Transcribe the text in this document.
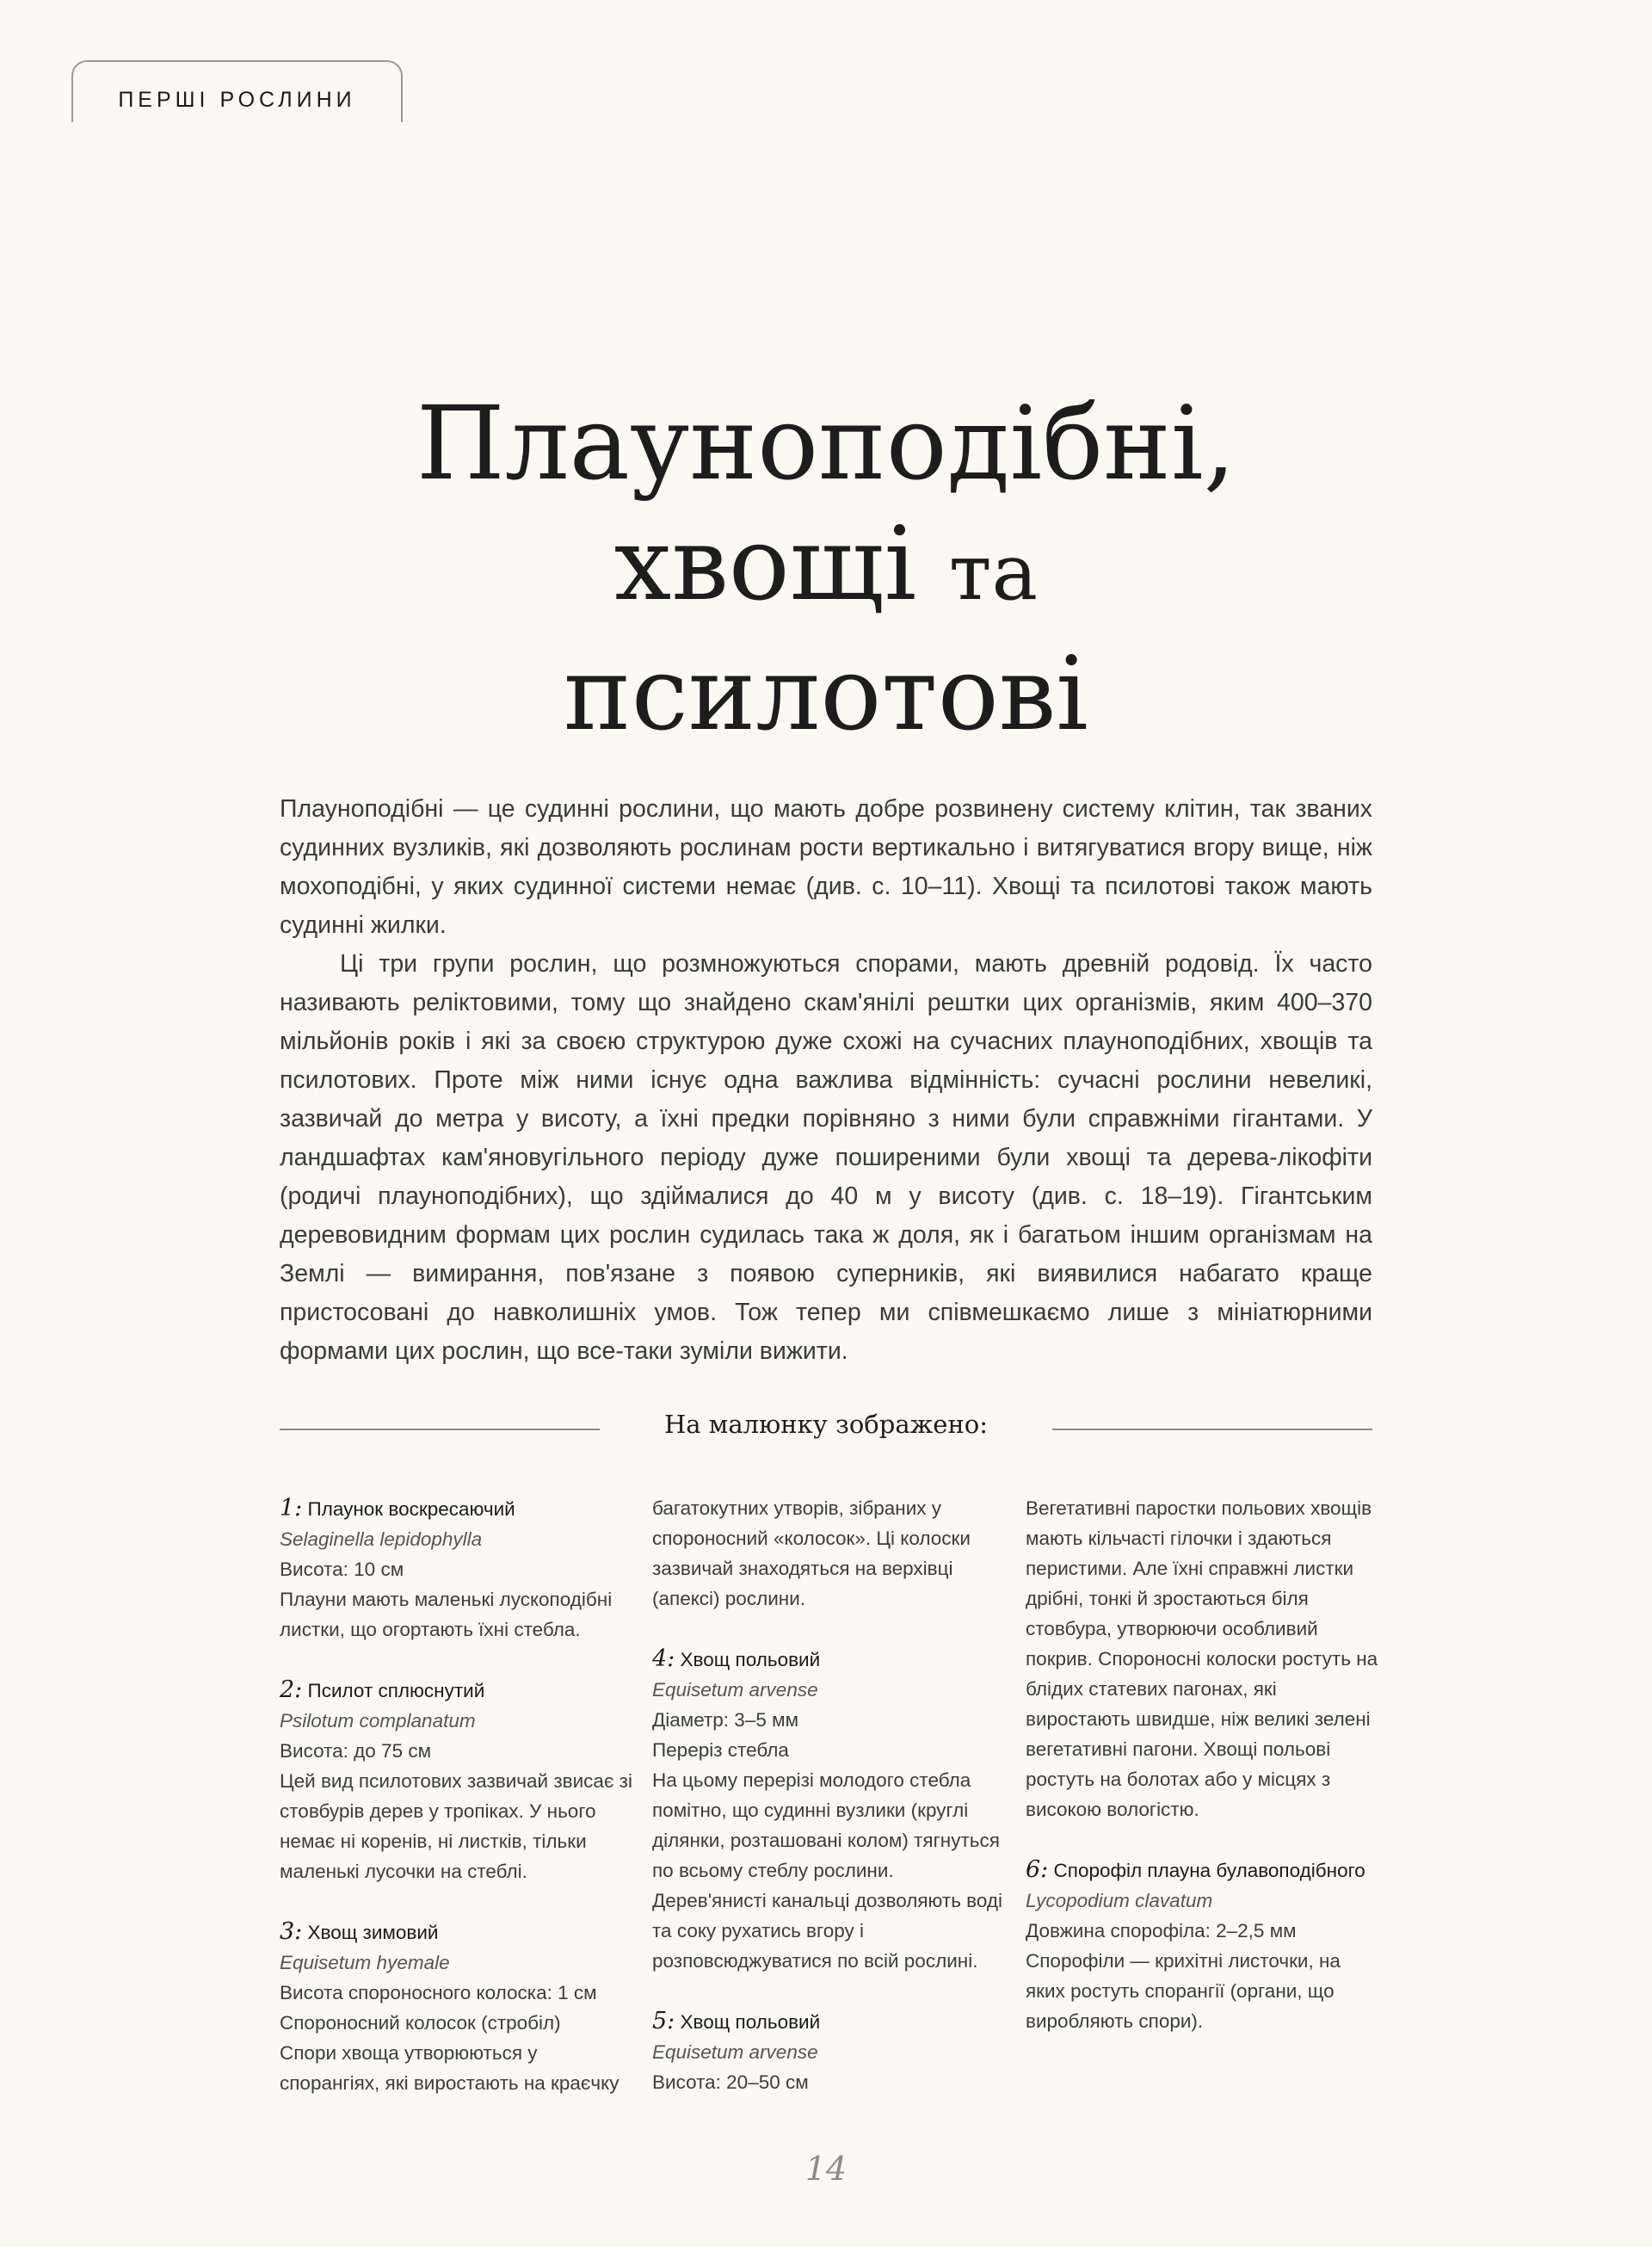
ПЕРШІ РОСЛИНИ
Плауноподібні,
хвощі та
псилотові

Плауноподібні — це судинні рослини, що мають добре розвинену систему клітин, так званих судинних вузликів, які дозволяють рослинам рости вертикально і витягуватися вгору вище, ніж мохоподібні, у яких судинної системи немає (див. с. 10–11). Хвощі та псилотові також мають судинні жилки.

Ці три групи рослин, що розмножуються спорами, мають древній родовід. Їх часто називають реліктовими, тому що знайдено скам'янілі рештки цих організмів, яким 400–370 мільйонів років і які за своєю структурою дуже схожі на сучасних плауноподібних, хвощів та псилотових. Проте між ними існує одна важлива відмінність: сучасні рослини невеликі, зазвичай до метра у висоту, а їхні предки порівняно з ними були справжніми гігантами. У ландшафтах кам'яновугільного періоду дуже поширеними були хвощі та дерева-лікофіти (родичі плауноподібних), що здіймалися до 40 м у висоту (див. с. 18–19). Гігантським деревовидним формам цих рослин судилась така ж доля, як і багатьом іншим організмам на Землі — вимирання, пов'язане з появою суперників, які виявилися набагато краще пристосовані до навколишніх умов. Тож тепер ми співмешкаємо лише з мініатюрними формами цих рослин, що все-таки зуміли вижити.

На малюнку зображено:
1: Плаунок воскресаючий
Selaginella lepidophylla
Висота: 10 см
Плауни мають маленькі лускоподібні листки, що огортають їхні стебла.
2: Псилот сплюснутий
Psilotum complanatum
Висота: до 75 см
Цей вид псилотових зазвичай звисає зі стовбурів дерев у тропіках. У нього немає ні коренів, ні листків, тільки маленькі лусочки на стеблі.
3: Хвощ зимовий
Equisetum hyemale
Висота спороносного колоска: 1 см
Спороносний колосок (стробіл)
Спори хвоща утворюються у спорангіях, які виростають на краєчку
багатокутних утворів, зібраних у спороносний «колосок». Ці колоски зазвичай знаходяться на верхівці (апексі) рослини.
4: Хвощ польовий
Equisetum arvense
Діаметр: 3–5 мм
Переріз стебла
На цьому перерізі молодого стебла помітно, що судинні вузлики (круглі ділянки, розташовані колом) тягнуться по всьому стеблу рослини. Дерев'янисті канальці дозволяють воді та соку рухатись вгору і розповсюджуватися по всій рослині.
5: Хвощ польовий
Equisetum arvense
Висота: 20–50 см
Вегетативні паростки польових хвощів мають кільчасті гілочки і здаються перистими. Але їхні справжні листки дрібні, тонкі й зростаються біля стовбура, утворюючи особливий покрив. Спороносні колоски ростуть на блідих статевих пагонах, які виростають швидше, ніж великі зелені вегетативні пагони. Хвощі польові ростуть на болотах або у місцях з високою вологістю.
6: Спорофіл плауна булавоподібного
Lycopodium clavatum
Довжина спорофіла: 2–2,5 мм
Спорофіли — крихітні листочки, на яких ростуть спорангії (органи, що виробляють спори).
14
